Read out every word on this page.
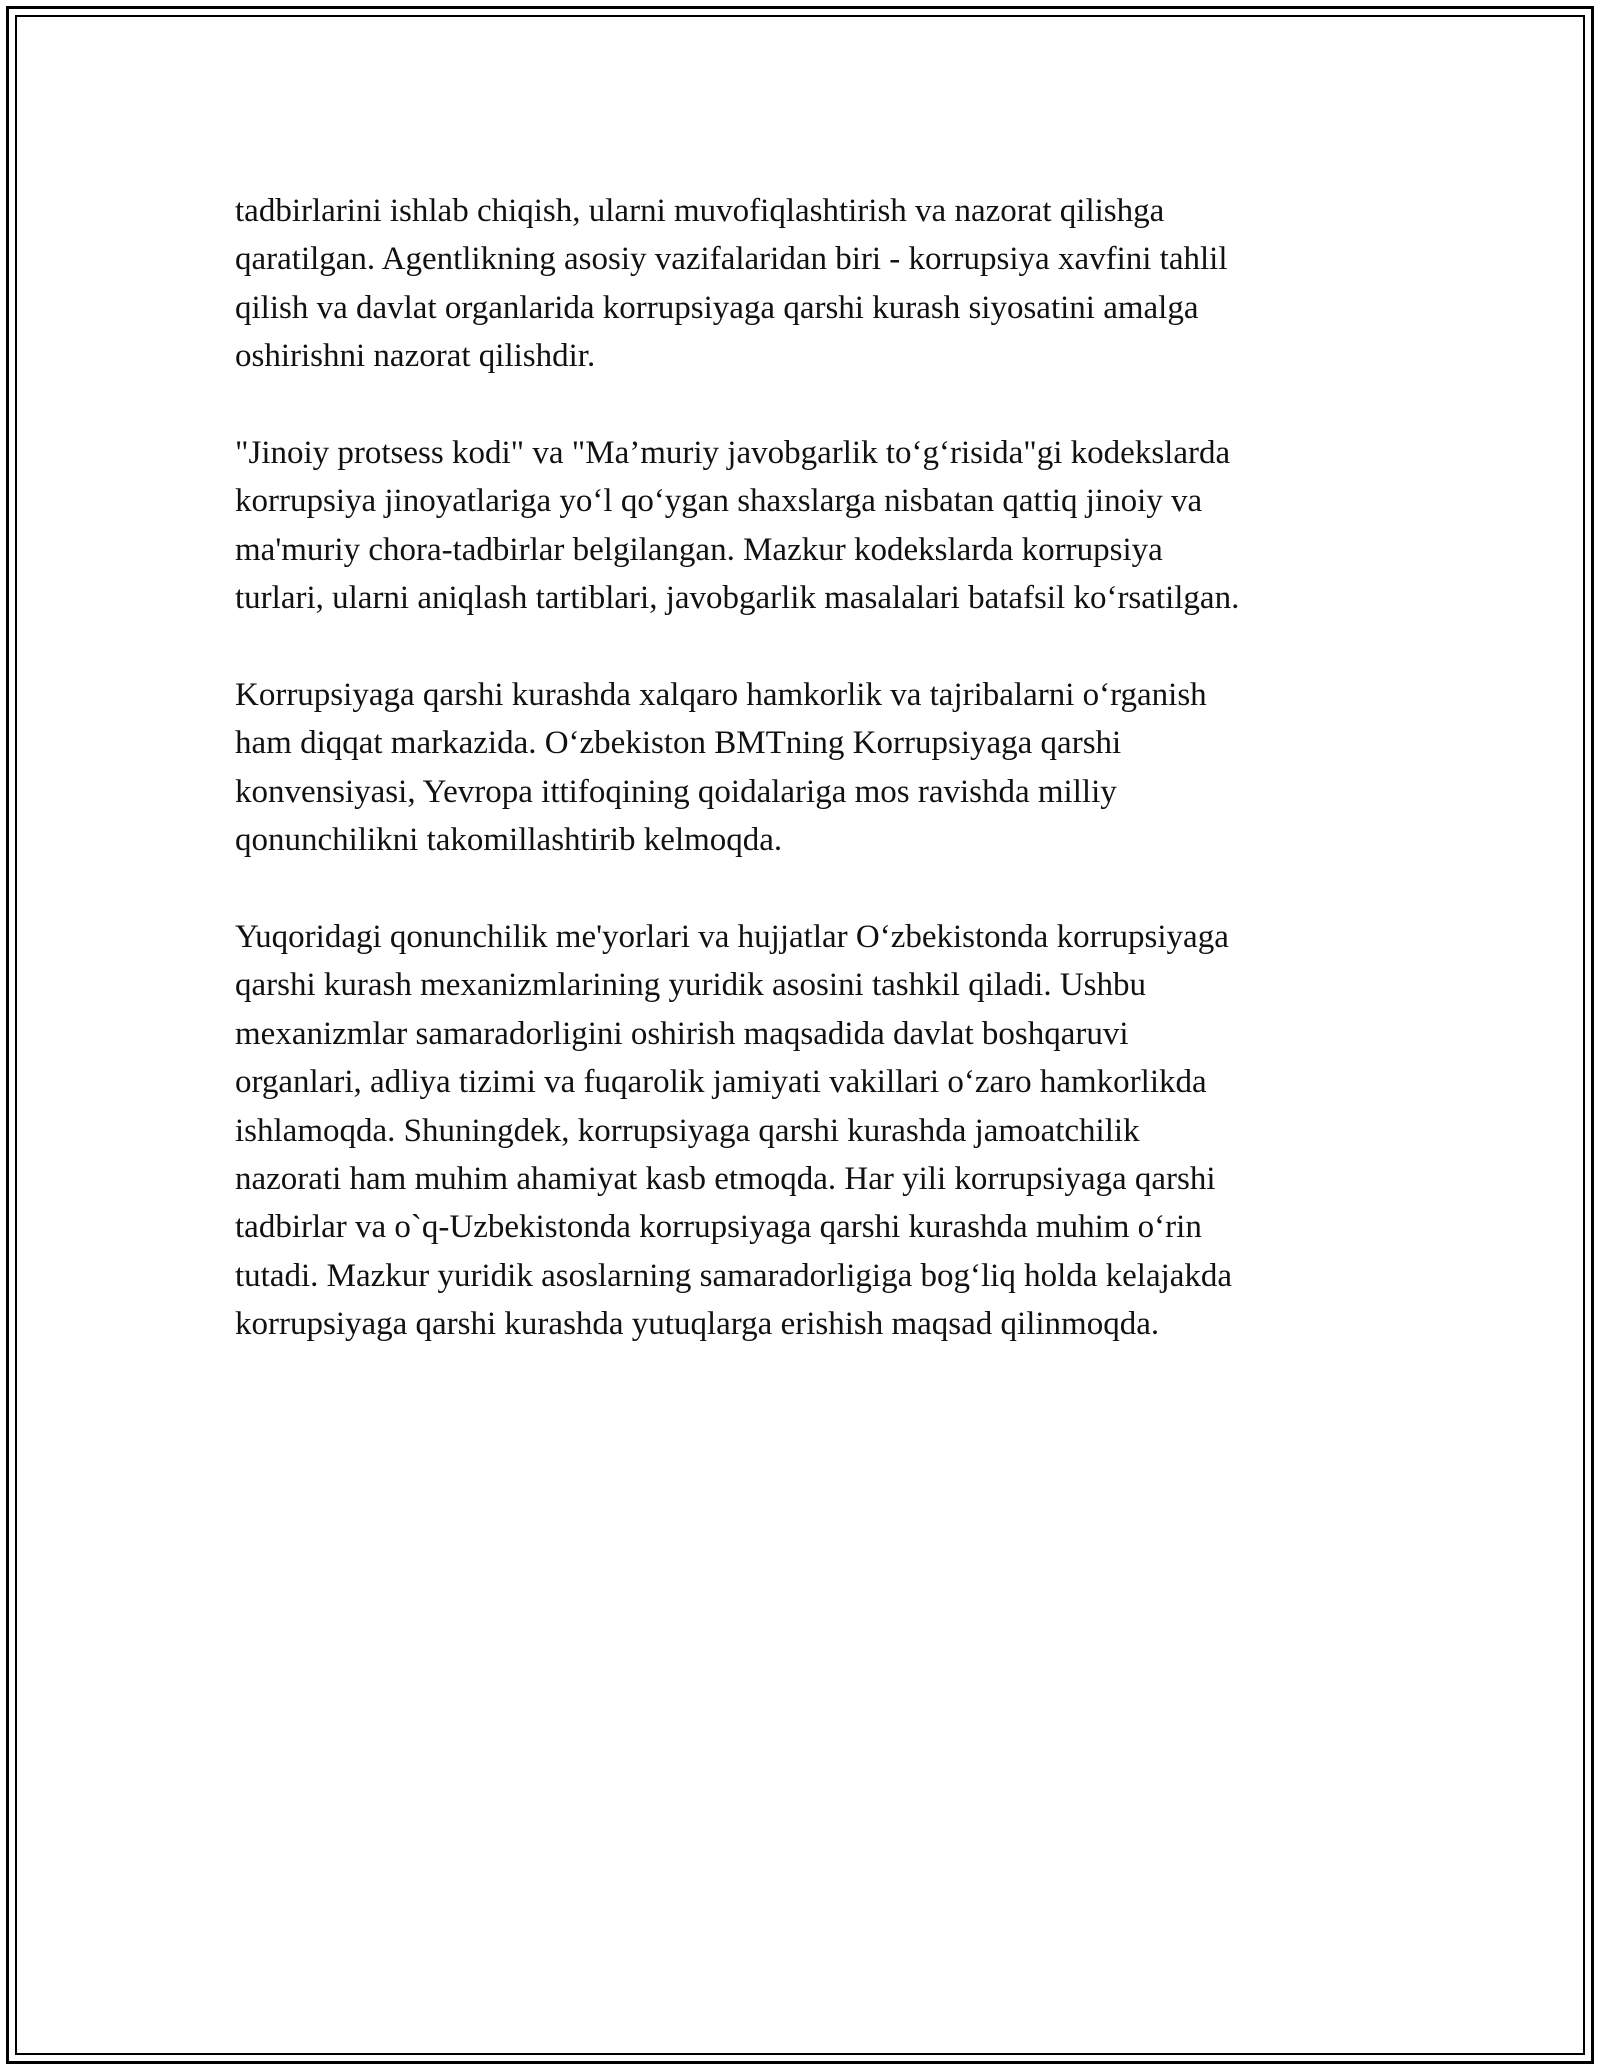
tadbirlarini ishlab chiqish, ularni muvofiqlashtirish va nazorat qilishga
qaratilgan. Agentlikning asosiy vazifalaridan biri - korrupsiya xavfini tahlil
qilish va davlat organlarida korrupsiyaga qarshi kurash siyosatini amalga
oshirishni nazorat qilishdir.
"Jinoiy protsess kodi" va "Ma’muriy javobgarlik to‘g‘risida"gi kodekslarda
korrupsiya jinoyatlariga yo‘l qo‘ygan shaxslarga nisbatan qattiq jinoiy va
ma'muriy chora-tadbirlar belgilangan. Mazkur kodekslarda korrupsiya
turlari, ularni aniqlash tartiblari, javobgarlik masalalari batafsil ko‘rsatilgan.
Korrupsiyaga qarshi kurashda xalqaro hamkorlik va tajribalarni o‘rganish
ham diqqat markazida. O‘zbekiston BMTning Korrupsiyaga qarshi
konvensiyasi, Yevropa ittifoqining qoidalariga mos ravishda milliy
qonunchilikni takomillashtirib kelmoqda.
Yuqoridagi qonunchilik me'yorlari va hujjatlar O‘zbekistonda korrupsiyaga
qarshi kurash mexanizmlarining yuridik asosini tashkil qiladi. Ushbu
mexanizmlar samaradorligini oshirish maqsadida davlat boshqaruvi
organlari, adliya tizimi va fuqarolik jamiyati vakillari o‘zaro hamkorlikda
ishlamoqda. Shuningdek, korrupsiyaga qarshi kurashda jamoatchilik
nazorati ham muhim ahamiyat kasb etmoqda. Har yili korrupsiyaga qarshi
tadbirlar va o`q-Uzbekistonda korrupsiyaga qarshi kurashda muhim o‘rin
tutadi. Mazkur yuridik asoslarning samaradorligiga bog‘liq holda kelajakda
korrupsiyaga qarshi kurashda yutuqlarga erishish maqsad qilinmoqda.
